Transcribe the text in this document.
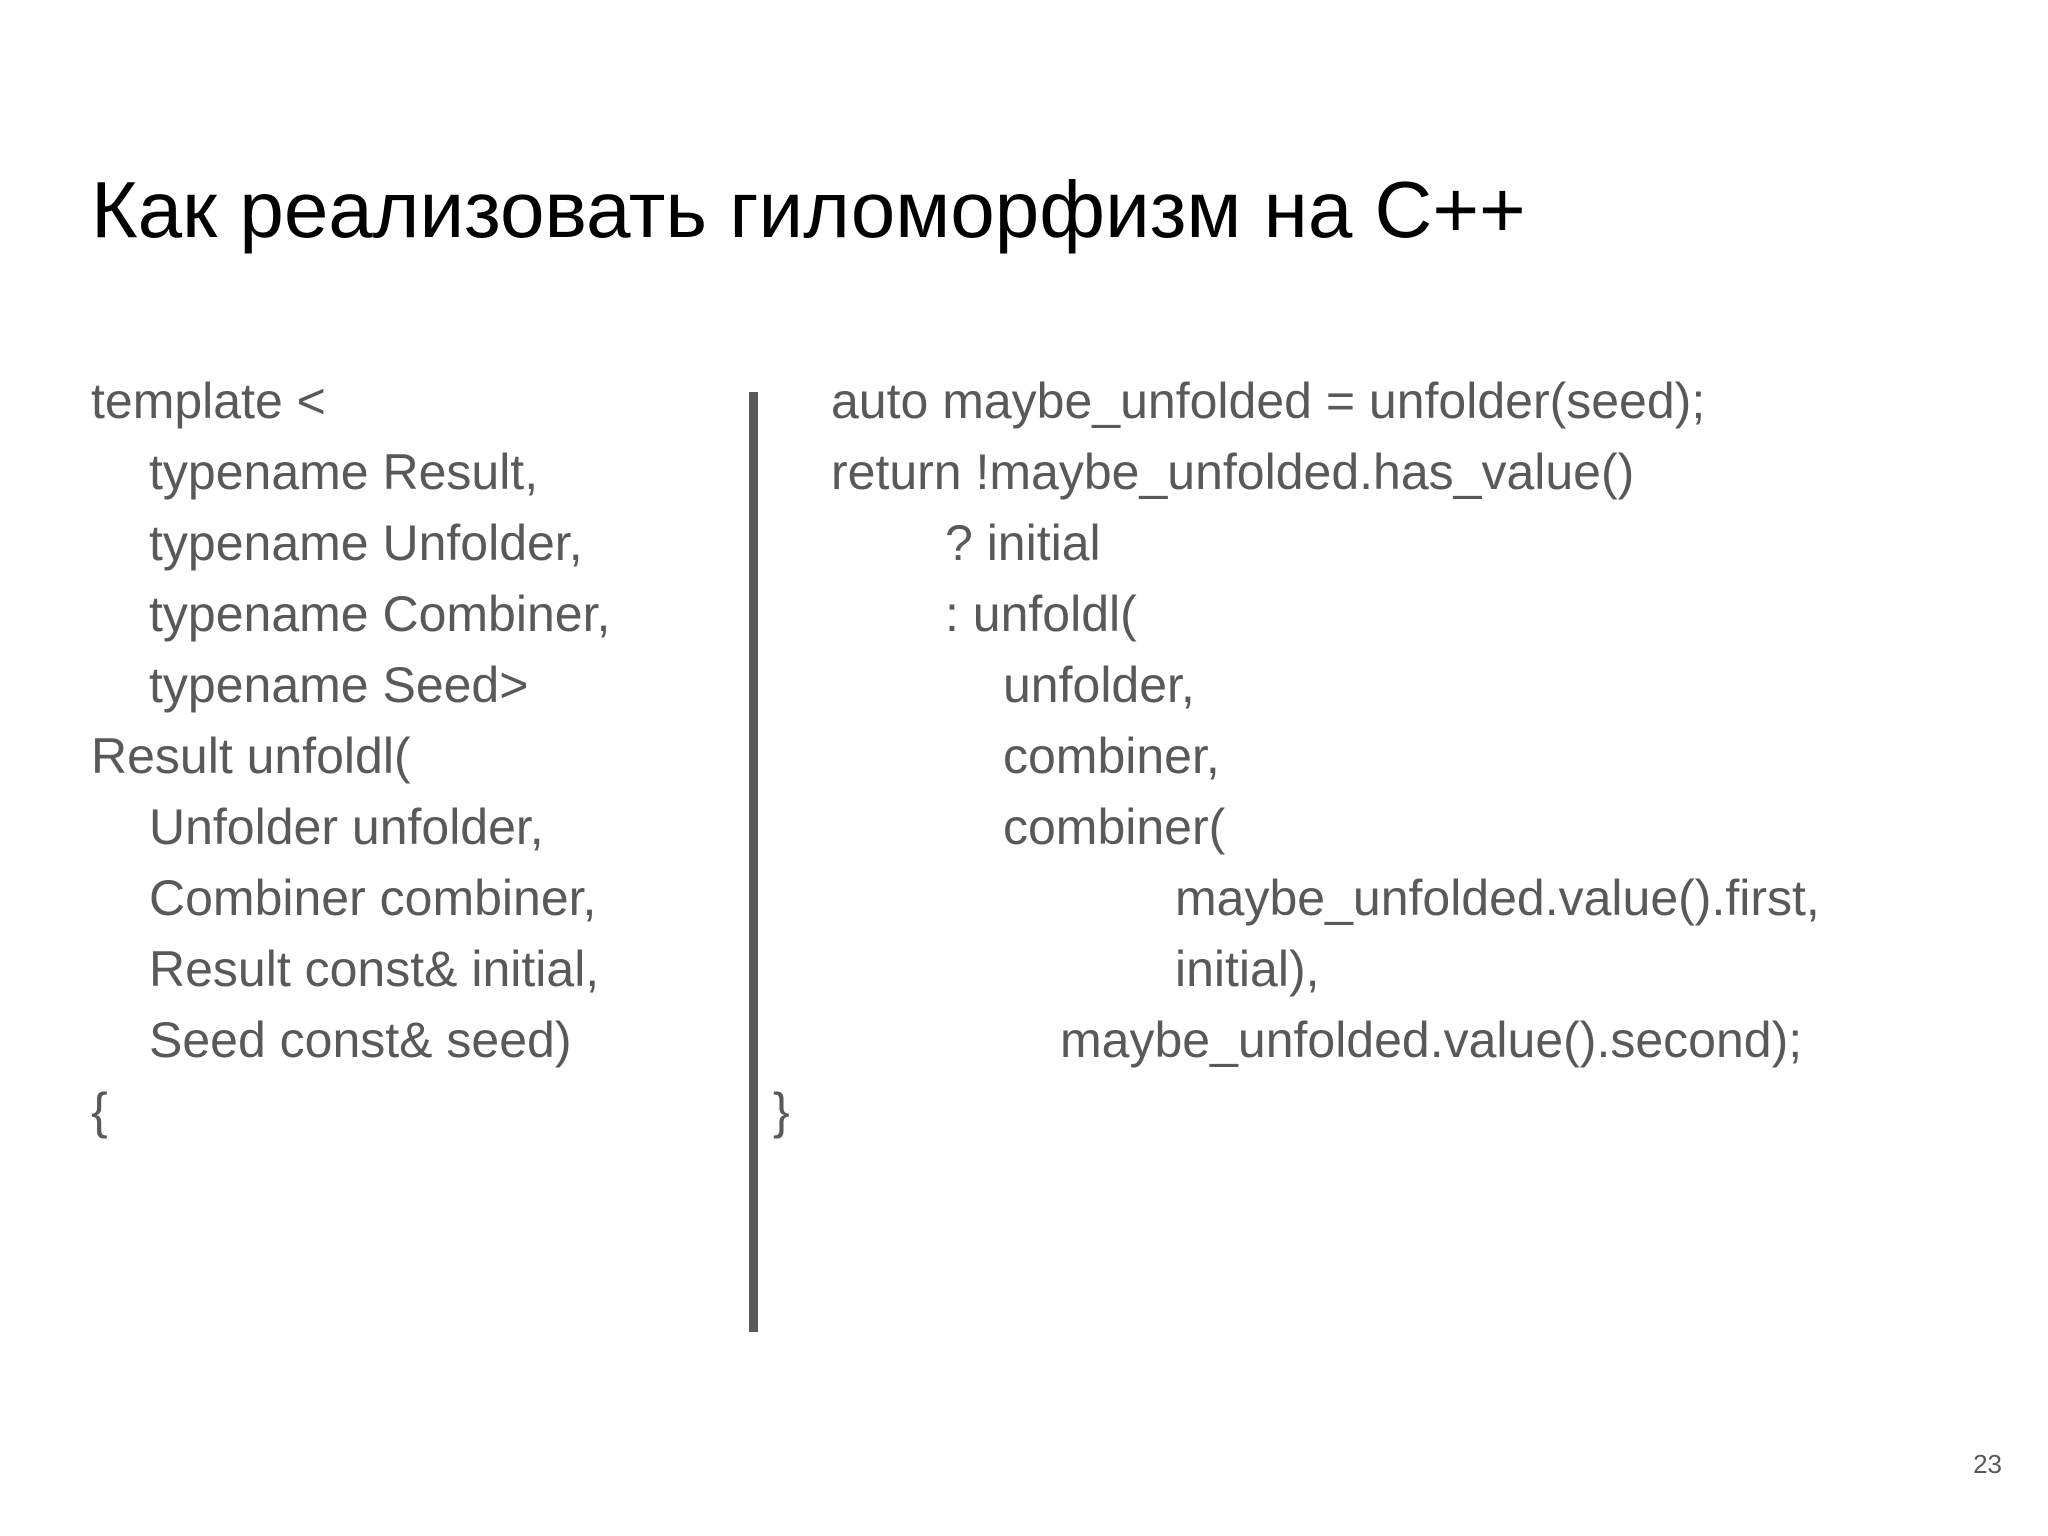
Как реализовать гиломорфизм на C++
template <
typename Result,
typename Unfolder,
typename Combiner,
typename Seed>
Result unfoldl(
Unfolder unfolder,
Combiner combiner,
Result const& initial,
Seed const& seed)
{
auto maybe_unfolded = unfolder(seed);
return !maybe_unfolded.has_value()
? initial
: unfoldl(
unfolder,
combiner,
combiner(
maybe_unfolded.value().first,
initial),
maybe_unfolded.value().second);
}
23
